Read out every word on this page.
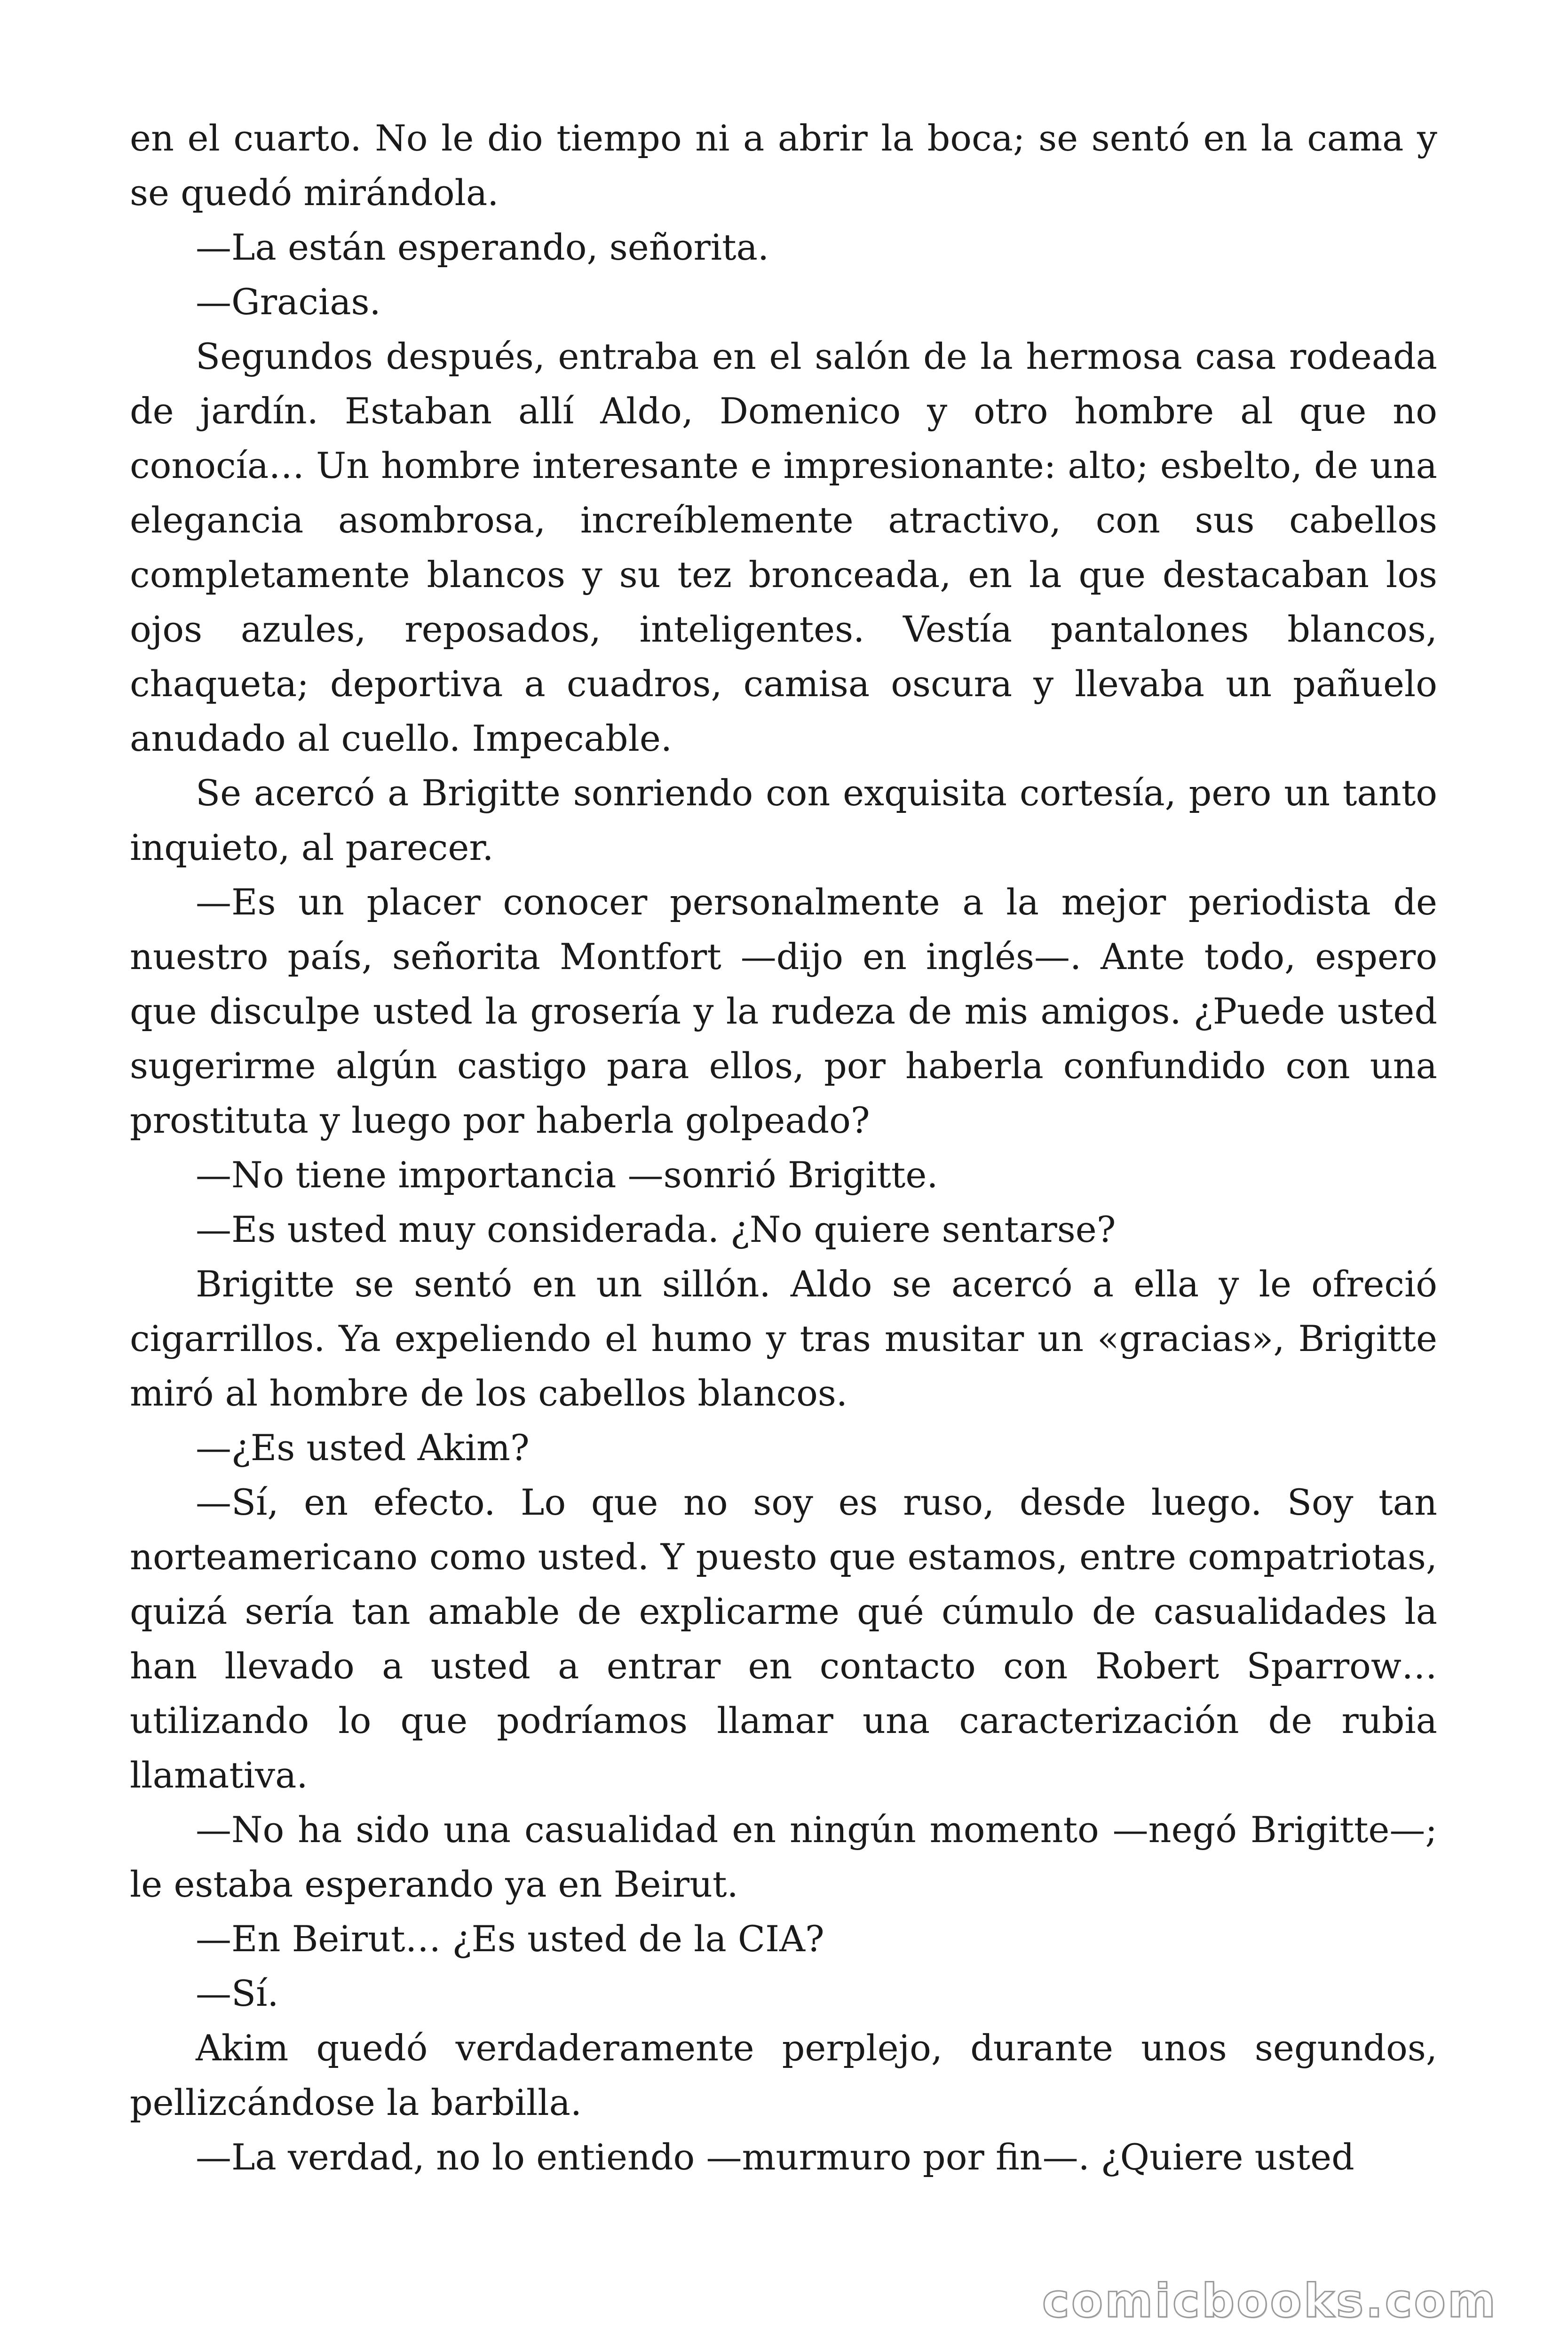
en el cuarto. No le dio tiempo ni a abrir la boca; se sentó en la cama y se quedó mirándola.

—La están esperando, señorita.

—Gracias.

Segundos después, entraba en el salón de la hermosa casa rodeada de jardín. Estaban allí Aldo, Domenico y otro hombre al que no conocía… Un hombre interesante e impresionante: alto; esbelto, de una elegancia asombrosa, increíblemente atractivo, con sus cabellos completamente blancos y su tez bronceada, en la que destacaban los ojos azules, reposados, inteligentes. Vestía pantalones blancos, chaqueta; deportiva a cuadros, camisa oscura y llevaba un pañuelo anudado al cuello. Impecable.

Se acercó a Brigitte sonriendo con exquisita cortesía, pero un tanto inquieto, al parecer.

—Es un placer conocer personalmente a la mejor periodista de nuestro país, señorita Montfort —dijo en inglés—. Ante todo, espero que disculpe usted la grosería y la rudeza de mis amigos. ¿Puede usted sugerirme algún castigo para ellos, por haberla confundido con una prostituta y luego por haberla golpeado?

—No tiene importancia —sonrió Brigitte.

—Es usted muy considerada. ¿No quiere sentarse?

Brigitte se sentó en un sillón. Aldo se acercó a ella y le ofreció cigarrillos. Ya expeliendo el humo y tras musitar un «gracias», Brigitte miró al hombre de los cabellos blancos.

—¿Es usted Akim?

—Sí, en efecto. Lo que no soy es ruso, desde luego. Soy tan norteamericano como usted. Y puesto que estamos, entre compatriotas, quizá sería tan amable de explicarme qué cúmulo de casualidades la han llevado a usted a entrar en contacto con Robert Sparrow… utilizando lo que podríamos llamar una caracterización de rubia llamativa.

—No ha sido una casualidad en ningún momento —negó Brigitte—; le estaba esperando ya en Beirut.

—En Beirut… ¿Es usted de la CIA?

—Sí.

Akim quedó verdaderamente perplejo, durante unos segundos, pellizcándose la barbilla.

—La verdad, no lo entiendo —murmuro por fin—. ¿Quiere usted

comicbooks.com
